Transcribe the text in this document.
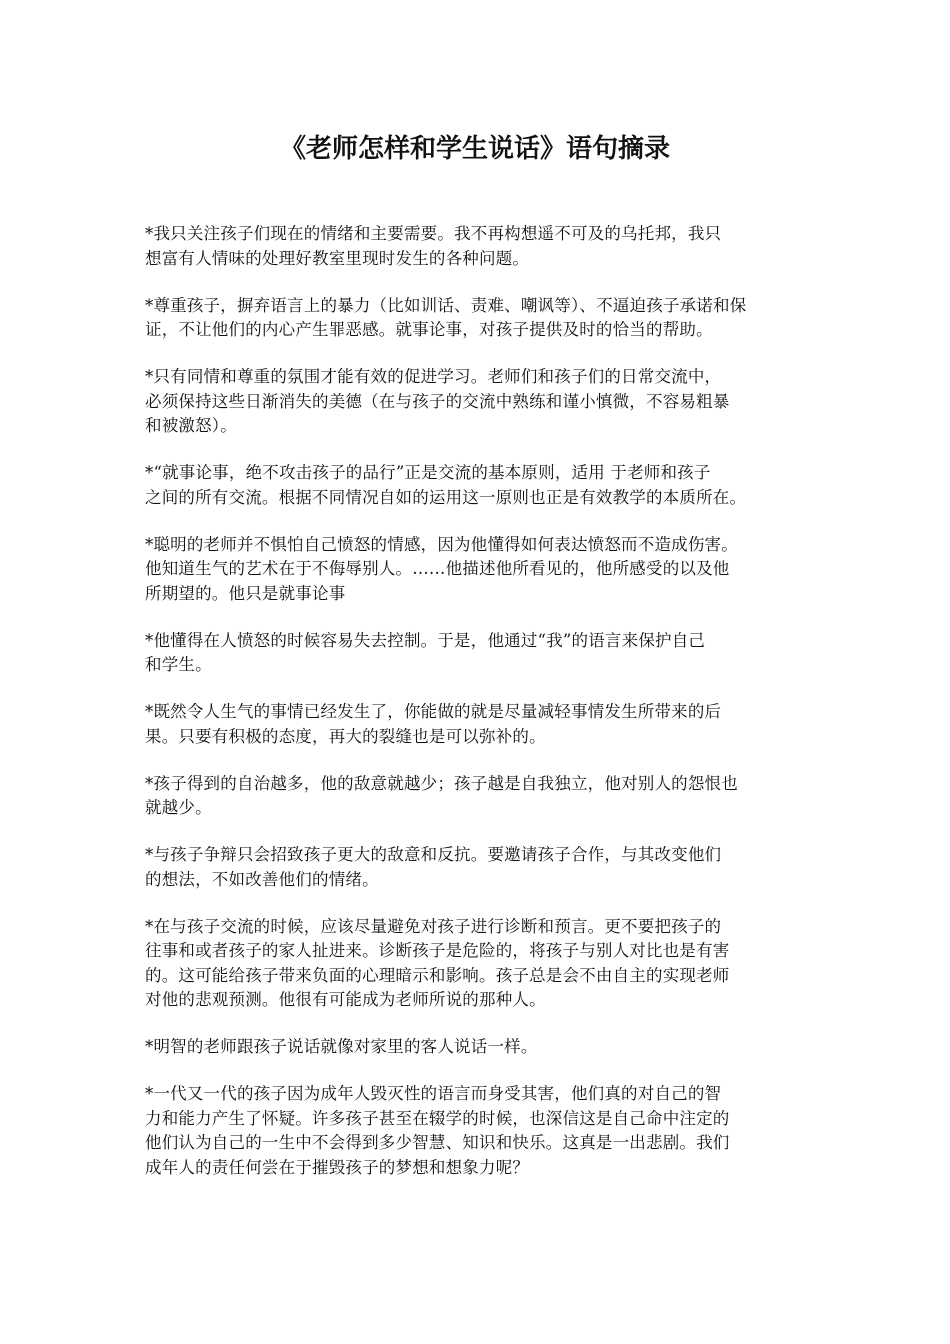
《老师怎样和学生说话》语句摘录

*我只关注孩子们现在的情绪和主要需要。我不再构想遥不可及的乌托邦，我只
想富有人情味的处理好教室里现时发生的各种问题。

*尊重孩子，摒弃语言上的暴力（比如训话、责难、嘲讽等）、不逼迫孩子承诺和保
证，不让他们的内心产生罪恶感。就事论事，对孩子提供及时的恰当的帮助。

*只有同情和尊重的氛围才能有效的促进学习。老师们和孩子们的日常交流中，
必须保持这些日渐消失的美德（在与孩子的交流中熟练和谨小慎微，不容易粗暴
和被激怒）。

*“就事论事，绝不攻击孩子的品行”正是交流的基本原则，适用 于老师和孩子
之间的所有交流。根据不同情况自如的运用这一原则也正是有效教学的本质所在。

*聪明的老师并不惧怕自己愤怒的情感，因为他懂得如何表达愤怒而不造成伤害。
他知道生气的艺术在于不侮辱别人。……他描述他所看见的，他所感受的以及他
所期望的。他只是就事论事

*他懂得在人愤怒的时候容易失去控制。于是，他通过“我”的语言来保护自己
和学生。

*既然令人生气的事情已经发生了，你能做的就是尽量减轻事情发生所带来的后
果。只要有积极的态度，再大的裂缝也是可以弥补的。

*孩子得到的自治越多，他的敌意就越少；孩子越是自我独立，他对别人的怨恨也
就越少。

*与孩子争辩只会招致孩子更大的敌意和反抗。要邀请孩子合作，与其改变他们
的想法，不如改善他们的情绪。

*在与孩子交流的时候，应该尽量避免对孩子进行诊断和预言。更不要把孩子的
往事和或者孩子的家人扯进来。诊断孩子是危险的，将孩子与别人对比也是有害
的。这可能给孩子带来负面的心理暗示和影响。孩子总是会不由自主的实现老师
对他的悲观预测。他很有可能成为老师所说的那种人。

*明智的老师跟孩子说话就像对家里的客人说话一样。

*一代又一代的孩子因为成年人毁灭性的语言而身受其害，他们真的对自己的智
力和能力产生了怀疑。许多孩子甚至在辍学的时候，也深信这是自己命中注定的
他们认为自己的一生中不会得到多少智慧、知识和快乐。这真是一出悲剧。我们
成年人的责任何尝在于摧毁孩子的梦想和想象力呢？
